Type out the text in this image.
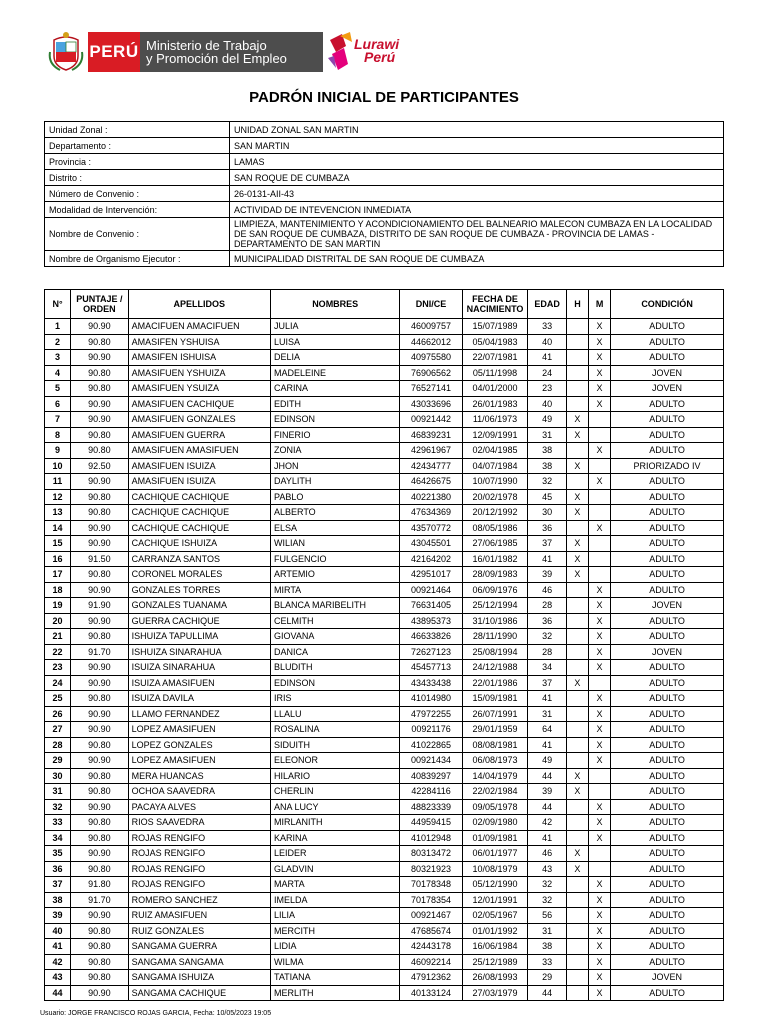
PERÚ Ministerio de Trabajo
y Promoción del Empleo
Lurawi
Perú
PADRÓN INICIAL DE PARTICIPANTES
Unidad Zonal :	UNIDAD ZONAL SAN MARTIN
Departamento :	SAN MARTIN
Provincia :	LAMAS
Distrito :	SAN ROQUE DE CUMBAZA
Número de Convenio :	26-0131-AII-43
Modalidad de Intervención:	ACTIVIDAD DE INTEVENCION INMEDIATA
Nombre de Convenio :	LIMPIEZA, MANTENIMIENTO Y ACONDICIONAMIENTO DEL BALNEARIO MALECON CUMBAZA EN LA LOCALIDAD DE SAN ROQUE DE CUMBAZA, DISTRITO DE SAN ROQUE DE CUMBAZA - PROVINCIA DE LAMAS - DEPARTAMENTO DE SAN MARTIN
Nombre de Organismo Ejecutor :	MUNICIPALIDAD DISTRITAL DE SAN ROQUE DE CUMBAZA
N°	PUNTAJE / ORDEN	APELLIDOS	NOMBRES	DNI/CE	FECHA DE NACIMIENTO	EDAD	H	M	CONDICIÓN
1	90.90	AMACIFUEN AMACIFUEN	JULIA	46009757	15/07/1989	33		X	ADULTO
2	90.80	AMASIFEN YSHUISA	LUISA	44662012	05/04/1983	40		X	ADULTO
3	90.90	AMASIFEN ISHUISA	DELIA	40975580	22/07/1981	41		X	ADULTO
4	90.80	AMASIFUEN YSHUIZA	MADELEINE	76906562	05/11/1998	24		X	JOVEN
5	90.80	AMASIFUEN YSUIZA	CARINA	76527141	04/01/2000	23		X	JOVEN
6	90.90	AMASIFUEN CACHIQUE	EDITH	43033696	26/01/1983	40		X	ADULTO
7	90.90	AMASIFUEN GONZALES	EDINSON	00921442	11/06/1973	49	X		ADULTO
8	90.80	AMASIFUEN GUERRA	FINERIO	46839231	12/09/1991	31	X		ADULTO
9	90.80	AMASIFUEN AMASIFUEN	ZONIA	42961967	02/04/1985	38		X	ADULTO
10	92.50	AMASIFUEN ISUIZA	JHON	42434777	04/07/1984	38	X		PRIORIZADO IV
11	90.90	AMASIFUEN ISUIZA	DAYLITH	46426675	10/07/1990	32		X	ADULTO
12	90.80	CACHIQUE CACHIQUE	PABLO	40221380	20/02/1978	45	X		ADULTO
13	90.80	CACHIQUE CACHIQUE	ALBERTO	47634369	20/12/1992	30	X		ADULTO
14	90.90	CACHIQUE CACHIQUE	ELSA	43570772	08/05/1986	36		X	ADULTO
15	90.90	CACHIQUE ISHUIZA	WILIAN	43045501	27/06/1985	37	X		ADULTO
16	91.50	CARRANZA SANTOS	FULGENCIO	42164202	16/01/1982	41	X		ADULTO
17	90.80	CORONEL MORALES	ARTEMIO	42951017	28/09/1983	39	X		ADULTO
18	90.90	GONZALES TORRES	MIRTA	00921464	06/09/1976	46		X	ADULTO
19	91.90	GONZALES TUANAMA	BLANCA MARIBELITH	76631405	25/12/1994	28		X	JOVEN
20	90.90	GUERRA CACHIQUE	CELMITH	43895373	31/10/1986	36		X	ADULTO
21	90.80	ISHUIZA TAPULLIMA	GIOVANA	46633826	28/11/1990	32		X	ADULTO
22	91.70	ISHUIZA SINARAHUA	DANICA	72627123	25/08/1994	28		X	JOVEN
23	90.90	ISUIZA SINARAHUA	BLUDITH	45457713	24/12/1988	34		X	ADULTO
24	90.90	ISUIZA AMASIFUEN	EDINSON	43433438	22/01/1986	37	X		ADULTO
25	90.80	ISUIZA DAVILA	IRIS	41014980	15/09/1981	41		X	ADULTO
26	90.90	LLAMO FERNANDEZ	LLALU	47972255	26/07/1991	31		X	ADULTO
27	90.90	LOPEZ AMASIFUEN	ROSALINA	00921176	29/01/1959	64		X	ADULTO
28	90.80	LOPEZ GONZALES	SIDUITH	41022865	08/08/1981	41		X	ADULTO
29	90.90	LOPEZ AMASIFUEN	ELEONOR	00921434	06/08/1973	49		X	ADULTO
30	90.80	MERA HUANCAS	HILARIO	40839297	14/04/1979	44	X		ADULTO
31	90.80	OCHOA SAAVEDRA	CHERLIN	42284116	22/02/1984	39	X		ADULTO
32	90.90	PACAYA ALVES	ANA LUCY	48823339	09/05/1978	44		X	ADULTO
33	90.80	RIOS SAAVEDRA	MIRLANITH	44959415	02/09/1980	42		X	ADULTO
34	90.80	ROJAS RENGIFO	KARINA	41012948	01/09/1981	41		X	ADULTO
35	90.90	ROJAS RENGIFO	LEIDER	80313472	06/01/1977	46	X		ADULTO
36	90.80	ROJAS RENGIFO	GLADVIN	80321923	10/08/1979	43	X		ADULTO
37	91.80	ROJAS RENGIFO	MARTA	70178348	05/12/1990	32		X	ADULTO
38	91.70	ROMERO SANCHEZ	IMELDA	70178354	12/01/1991	32		X	ADULTO
39	90.90	RUIZ AMASIFUEN	LILIA	00921467	02/05/1967	56		X	ADULTO
40	90.80	RUIZ GONZALES	MERCITH	47685674	01/01/1992	31		X	ADULTO
41	90.80	SANGAMA GUERRA	LIDIA	42443178	16/06/1984	38		X	ADULTO
42	90.80	SANGAMA SANGAMA	WILMA	46092214	25/12/1989	33		X	ADULTO
43	90.80	SANGAMA ISHUIZA	TATIANA	47912362	26/08/1993	29		X	JOVEN
44	90.90	SANGAMA CACHIQUE	MERLITH	40133124	27/03/1979	44		X	ADULTO
Usuario: JORGE FRANCISCO ROJAS GARCIA, Fecha: 10/05/2023 19:05
